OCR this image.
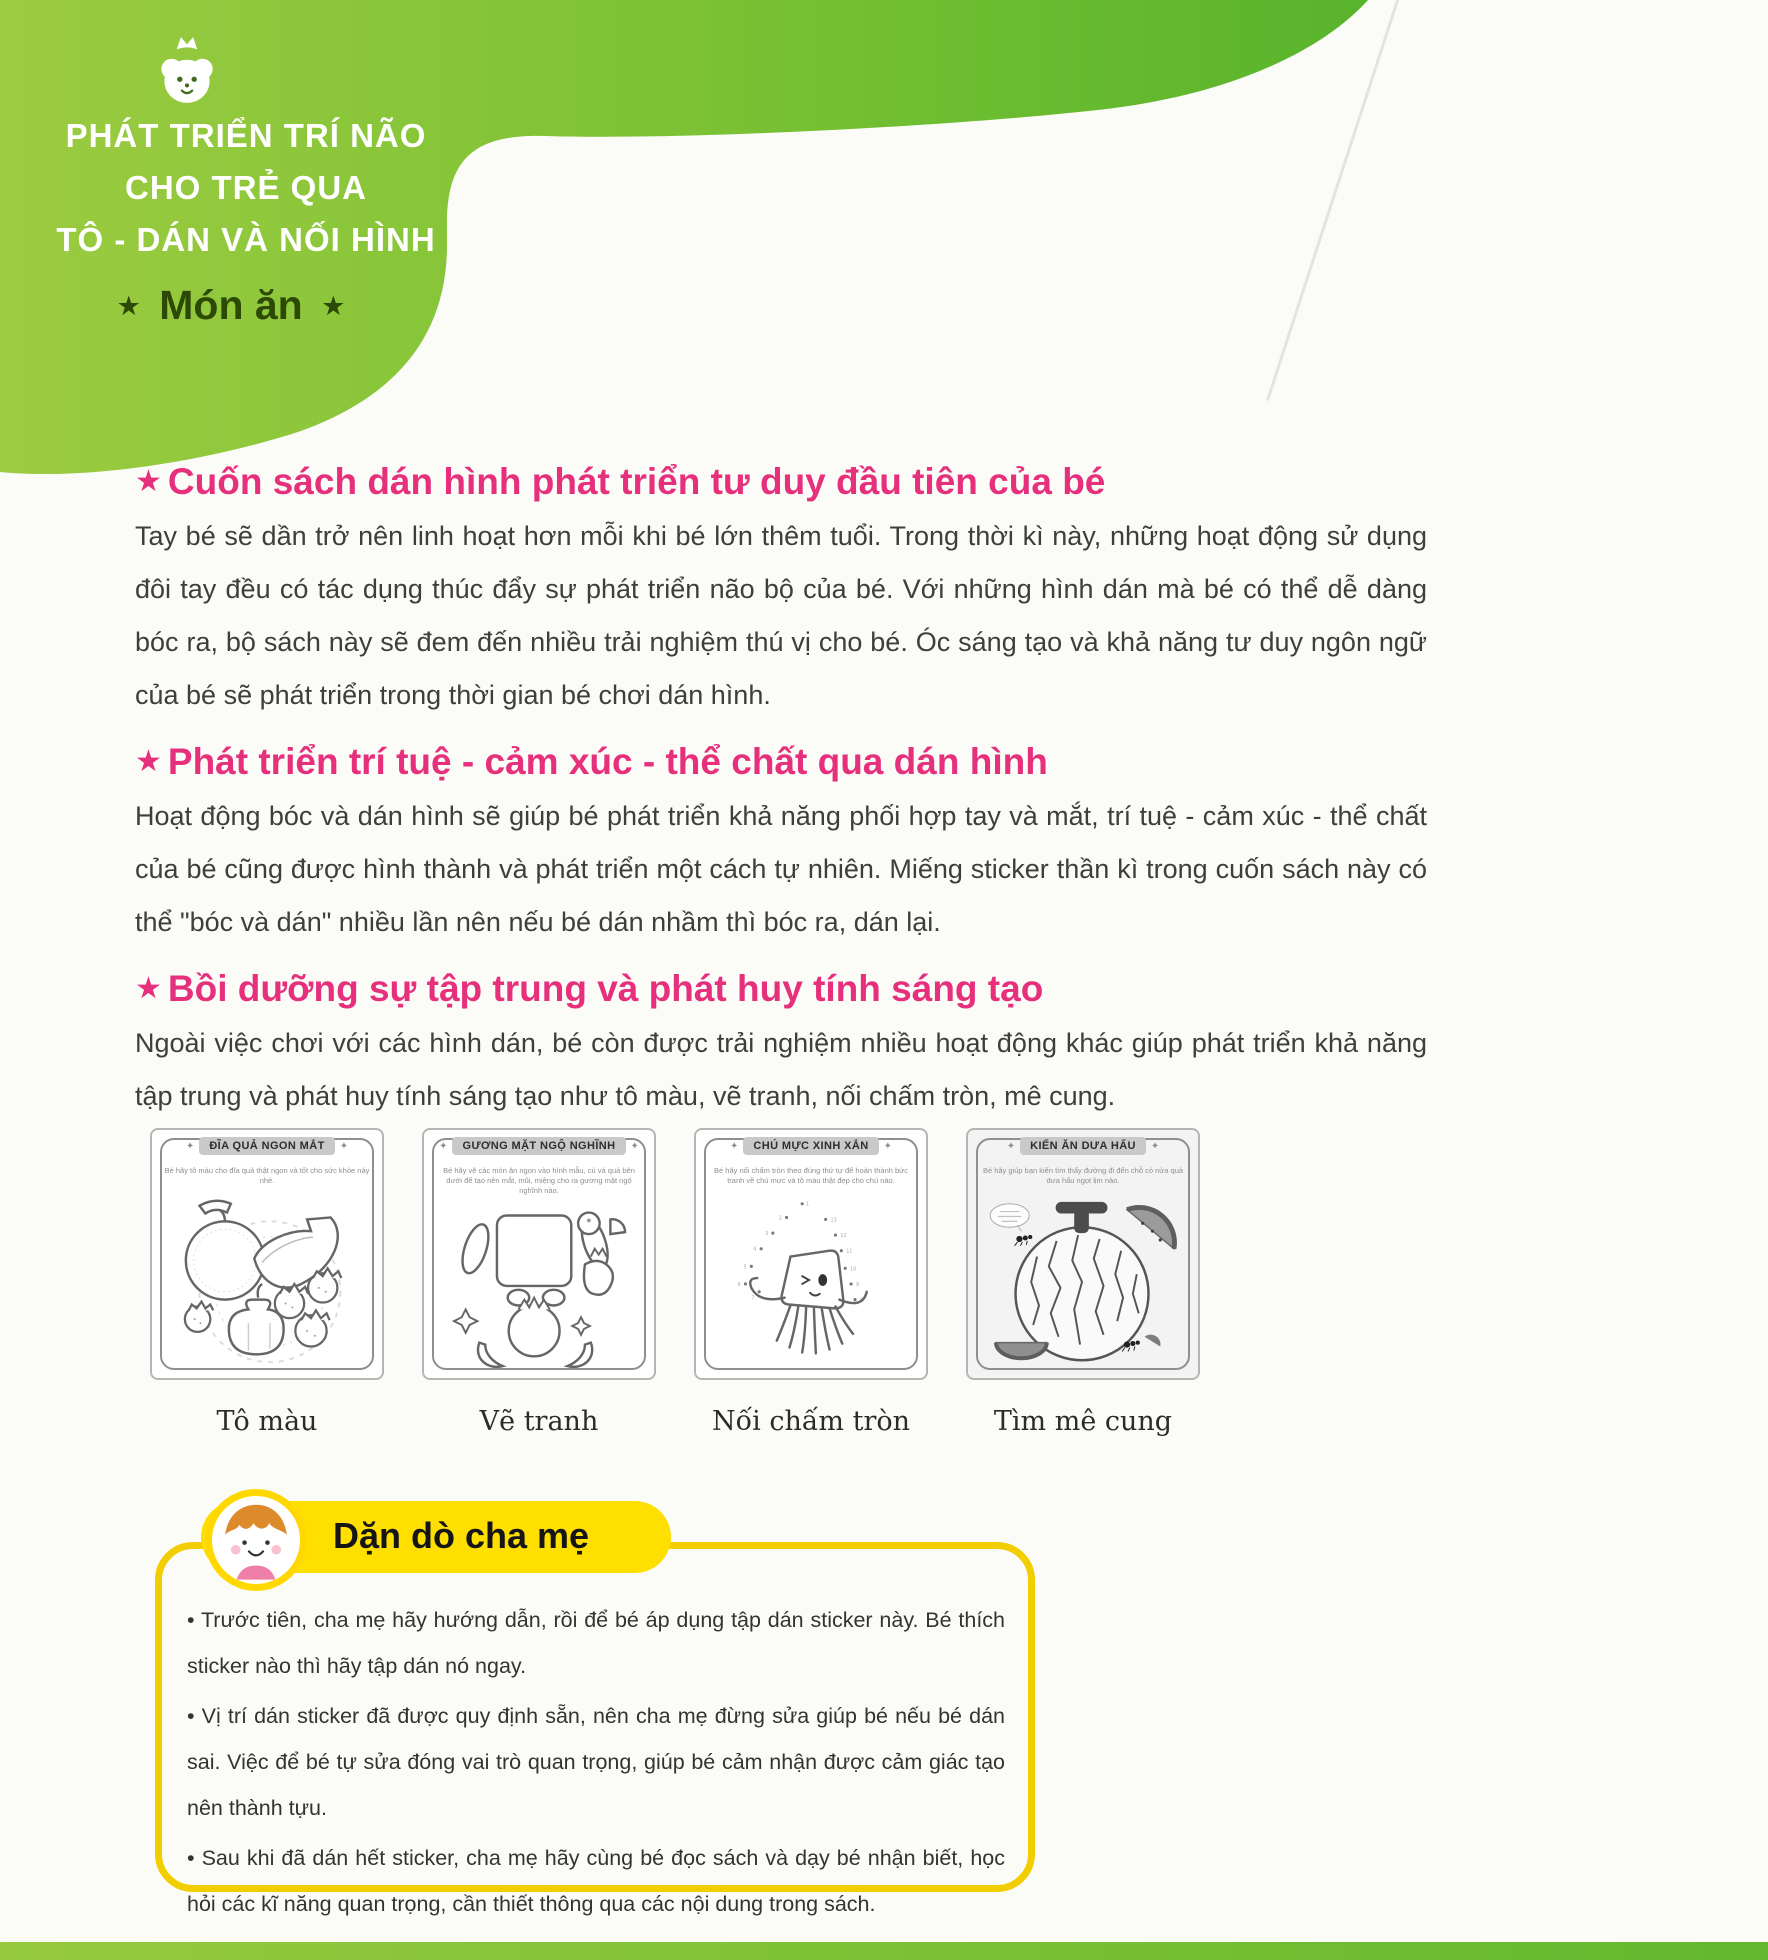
PHÁT TRIỂN TRÍ NÃO
CHO TRẺ QUA
TÔ - DÁN VÀ NỐI HÌNH
★ Món ăn ★
★ Cuốn sách dán hình phát triển tư duy đầu tiên của bé

Tay bé sẽ dần trở nên linh hoạt hơn mỗi khi bé lớn thêm tuổi. Trong thời kì này, những hoạt động sử dụng đôi tay đều có tác dụng thúc đẩy sự phát triển não bộ của bé. Với những hình dán mà bé có thể dễ dàng bóc ra, bộ sách này sẽ đem đến nhiều trải nghiệm thú vị cho bé. Óc sáng tạo và khả năng tư duy ngôn ngữ của bé sẽ phát triển trong thời gian bé chơi dán hình.

★ Phát triển trí tuệ - cảm xúc - thể chất qua dán hình

Hoạt động bóc và dán hình sẽ giúp bé phát triển khả năng phối hợp tay và mắt, trí tuệ - cảm xúc - thể chất của bé cũng được hình thành và phát triển một cách tự nhiên. Miếng sticker thần kì trong cuốn sách này có thể "bóc và dán" nhiều lần nên nếu bé dán nhầm thì bóc ra, dán lại.

★ Bồi dưỡng sự tập trung và phát huy tính sáng tạo

Ngoài việc chơi với các hình dán, bé còn được trải nghiệm nhiều hoạt động khác giúp phát triển khả năng tập trung và phát huy tính sáng tạo như tô màu, vẽ tranh, nối chấm tròn, mê cung.

✦	ĐĨA QUẢ NGON MẮT	✦
Bé hãy tô màu cho đĩa quả thật ngon và tốt cho sức khỏe này nhé.
Tô màu
✦	GƯƠNG MẶT NGỘ NGHĨNH	✦
Bé hãy vẽ các món ăn ngon vào hình mẫu, củ và quả bên dưới để tạo nên mắt, mũi, miệng cho ra gương mặt ngộ nghĩnh nào.
Vẽ tranh
✦	CHÚ MỰC XINH XẮN	✦
Bé hãy nối chấm tròn theo đúng thứ tự để hoàn thành bức tranh về chú mực và tô màu thật đẹp cho chú nào.
1
2
3
4
5
6
7
13
12
11
10
9
8
Nối chấm tròn
✦	KIẾN ĂN DƯA HẤU	✦
Bé hãy giúp bạn kiến tìm thấy đường đi đến chỗ có nửa quả dưa hấu ngọt lịm nào.
Tìm mê cung
Dặn dò cha mẹ

• Trước tiên, cha mẹ hãy hướng dẫn, rồi để bé áp dụng tập dán sticker này. Bé thích sticker nào thì hãy tập dán nó ngay.

• Vị trí dán sticker đã được quy định sẵn, nên cha mẹ đừng sửa giúp bé nếu bé dán sai. Việc để bé tự sửa đóng vai trò quan trọng, giúp bé cảm nhận được cảm giác tạo nên thành tựu.

• Sau khi đã dán hết sticker, cha mẹ hãy cùng bé đọc sách và dạy bé nhận biết, học hỏi các kĩ năng quan trọng, cần thiết thông qua các nội dung trong sách.
